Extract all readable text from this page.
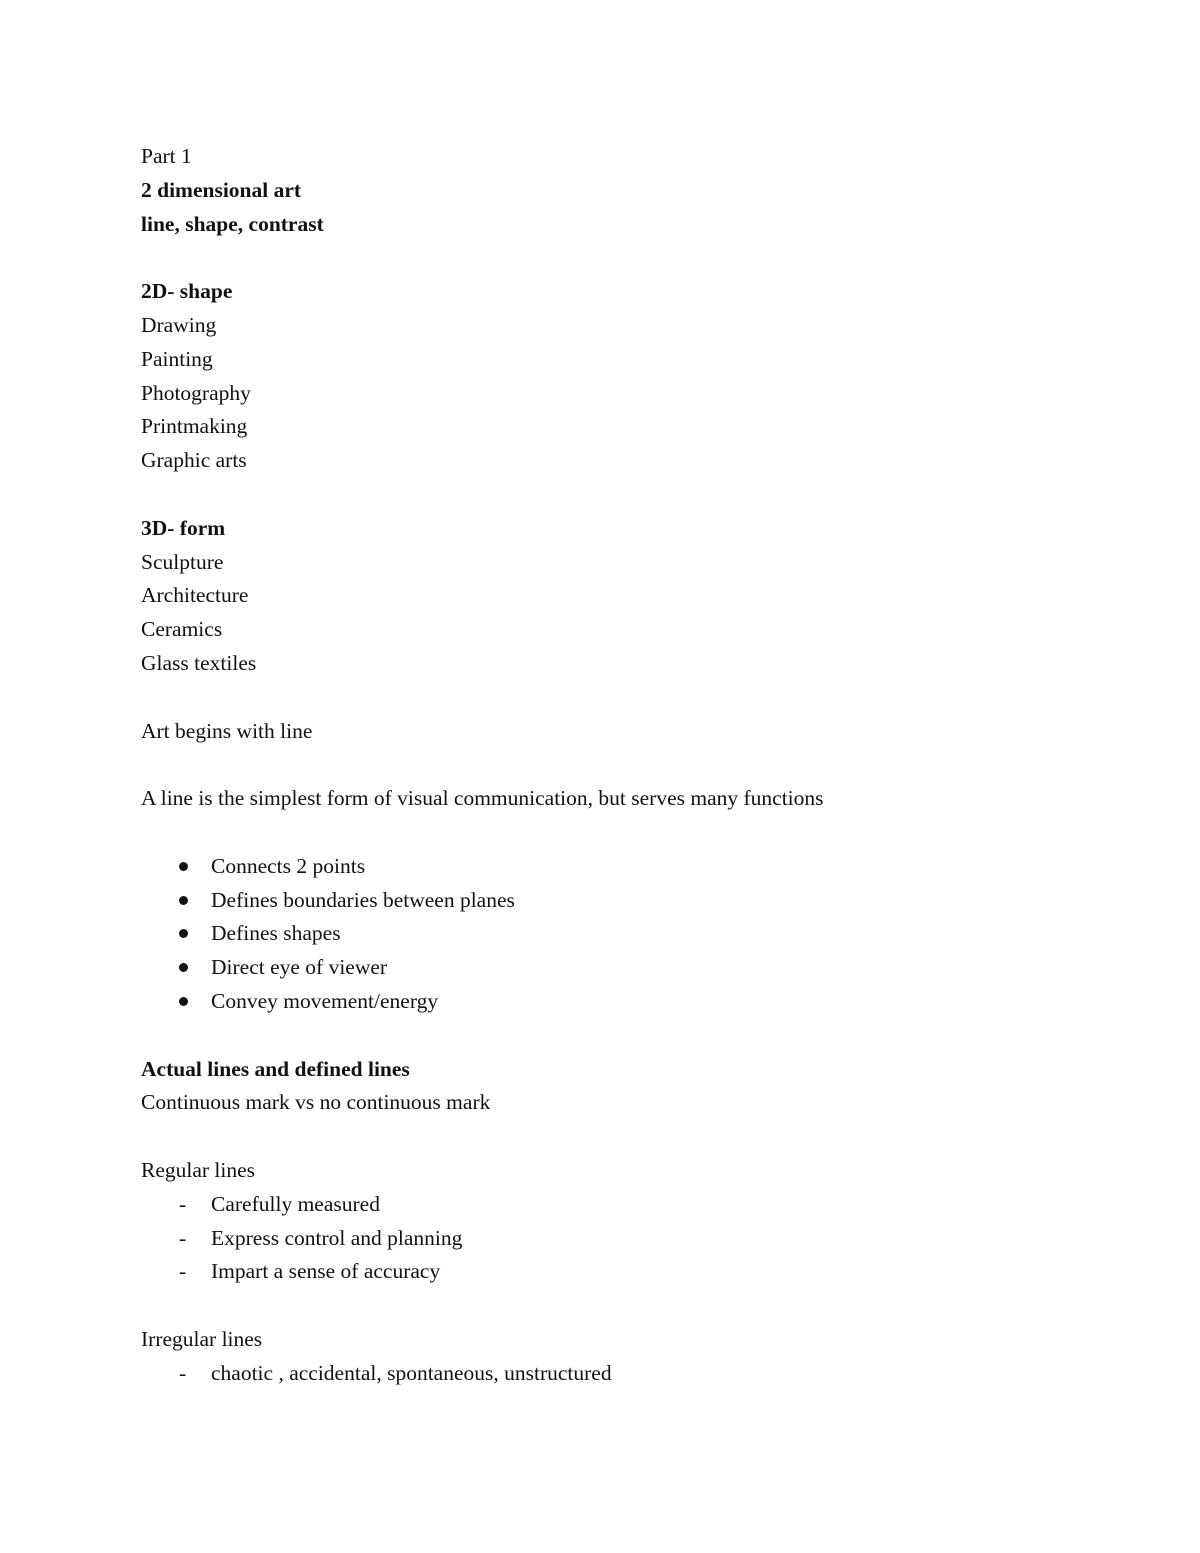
Part 1

2 dimensional art

line, shape, contrast

2D- shape

Drawing

Painting

Photography

Printmaking

Graphic arts

3D- form

Sculpture

Architecture

Ceramics

Glass textiles

Art begins with line

A line is the simplest form of visual communication, but serves many functions

Connects 2 points
Defines boundaries between planes
Defines shapes
Direct eye of viewer
Convey movement/energy

Actual lines and defined lines

Continuous mark vs no continuous mark

Regular lines

-	Carefully measured
-	Express control and planning
-	Impart a sense of accuracy

Irregular lines

-	chaotic , accidental, spontaneous, unstructured
